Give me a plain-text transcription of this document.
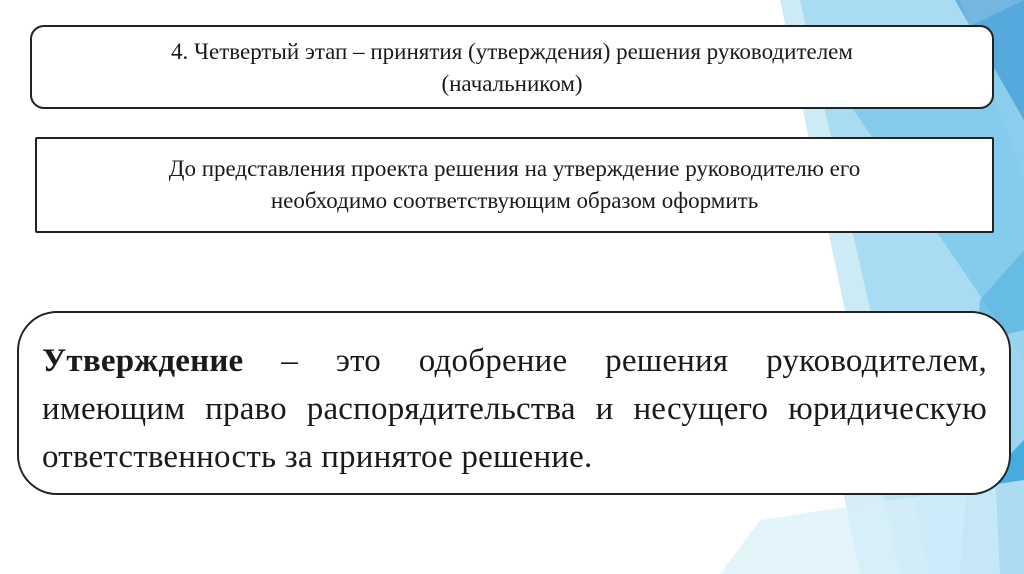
4. Четвертый этап – принятия (утверждения) решения руководителем
(начальником)
До представления проекта решения на утверждение руководителю его
необходимо соответствующим образом оформить
Утверждение – это одобрение решения руководителем, имеющим право распорядительства и несущего юридическую ответственность за принятое решение.
